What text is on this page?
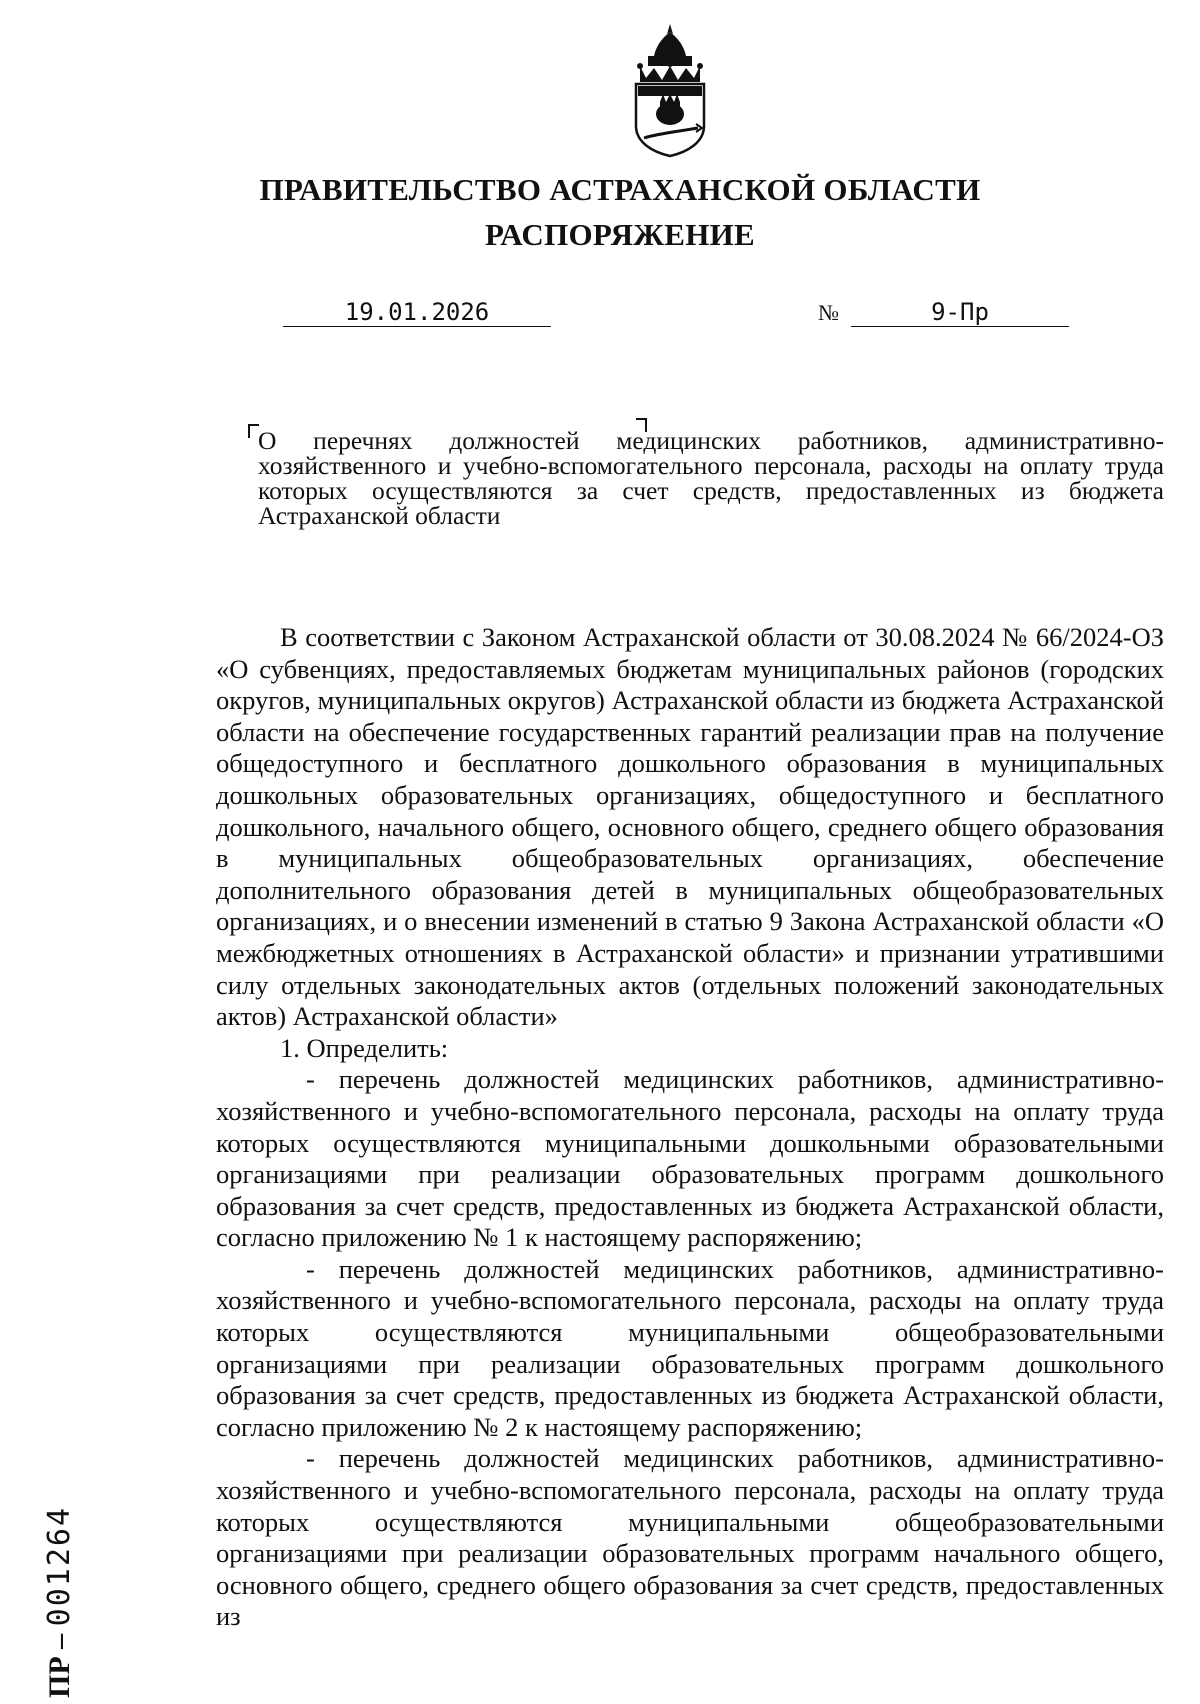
ПРАВИТЕЛЬСТВО АСТРАХАНСКОЙ ОБЛАСТИ
РАСПОРЯЖЕНИЕ
19.01.2026	№	9-Пр

О перечнях должностей медицинских работников, административно-хозяйственного и учебно-вспомогательного персонала, расходы на оплату труда которых осуществляются за счет средств, предоставленных из бюджета Астраханской области

В соответствии с Законом Астраханской области от 30.08.2024 № 66/2024-ОЗ «О субвенциях, предоставляемых бюджетам муниципальных районов (городских округов, муниципальных округов) Астраханской области из бюджета Астраханской области на обеспечение государственных гарантий реализации прав на получение общедоступного и бесплатного дошкольного образования в муниципальных дошкольных образовательных организациях, общедоступного и бесплатного дошкольного, начального общего, основного общего, среднего общего образования в муниципальных общеобразовательных организациях, обеспечение дополнительного образования детей в муниципальных общеобразовательных организациях, и о внесении изменений в статью 9 Закона Астраханской области «О межбюджетных отношениях в Астраханской области» и признании утратившими силу отдельных законодательных актов (отдельных положений законодательных актов) Астраханской области»

1. Определить:

- перечень должностей медицинских работников, административно-хозяйственного и учебно-вспомогательного персонала, расходы на оплату труда которых осуществляются муниципальными дошкольными образовательными организациями при реализации образовательных программ дошкольного образования за счет средств, предоставленных из бюджета Астраханской области, согласно приложению № 1 к настоящему распоряжению;

- перечень должностей медицинских работников, административно-хозяйственного и учебно-вспомогательного персонала, расходы на оплату труда которых осуществляются муниципальными общеобразовательными организациями при реализации образовательных программ дошкольного образования за счет средств, предоставленных из бюджета Астраханской области, согласно приложению № 2 к настоящему распоряжению;

- перечень должностей медицинских работников, административно-хозяйственного и учебно-вспомогательного персонала, расходы на оплату труда которых осуществляются муниципальными общеобразовательными организациями при реализации образовательных программ начального общего, основного общего, среднего общего образования за счет средств, предоставленных из

ПР – 001264
